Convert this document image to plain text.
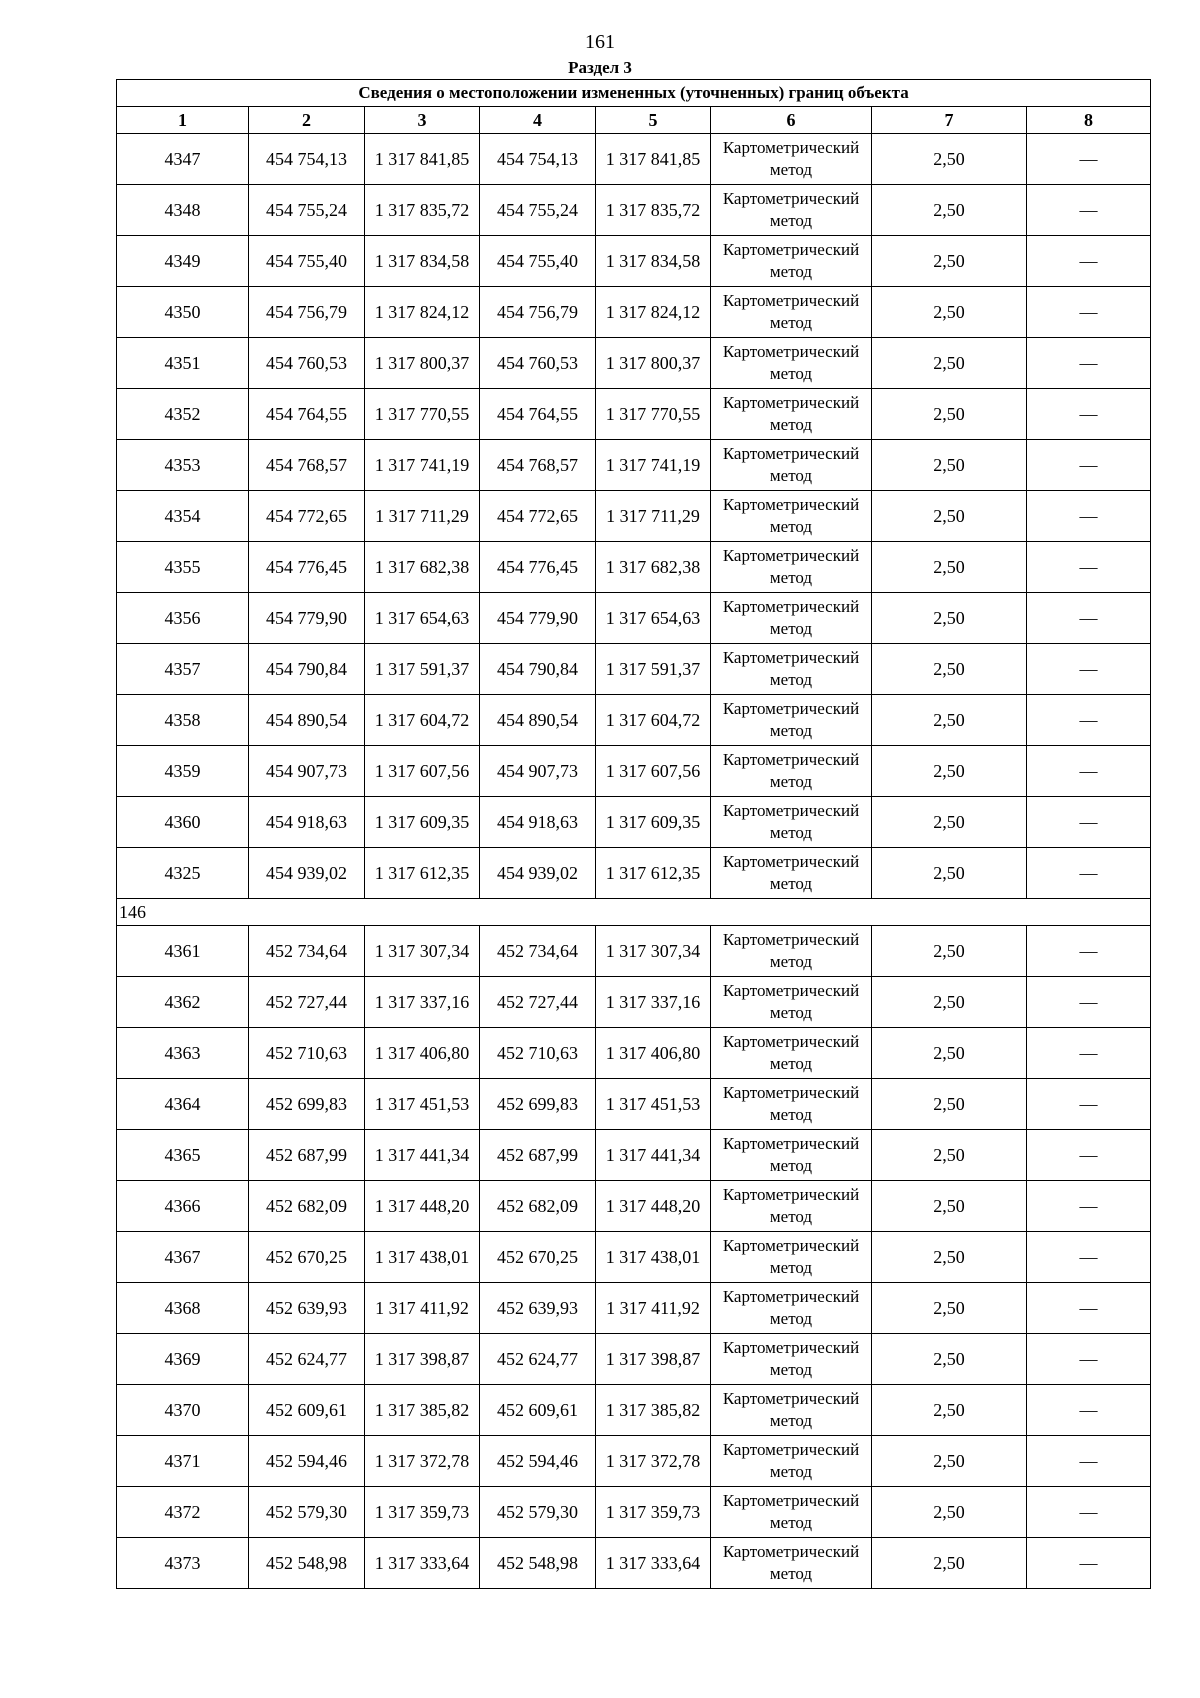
161
Раздел 3
Сведения о местоположении измененных (уточненных) границ объекта							
1	2	3	4	5	6	7	8
4347	454 754,13	1 317 841,85	454 754,13	1 317 841,85	Картометрический метод	2,50	—
4348	454 755,24	1 317 835,72	454 755,24	1 317 835,72	Картометрический метод	2,50	—
4349	454 755,40	1 317 834,58	454 755,40	1 317 834,58	Картометрический метод	2,50	—
4350	454 756,79	1 317 824,12	454 756,79	1 317 824,12	Картометрический метод	2,50	—
4351	454 760,53	1 317 800,37	454 760,53	1 317 800,37	Картометрический метод	2,50	—
4352	454 764,55	1 317 770,55	454 764,55	1 317 770,55	Картометрический метод	2,50	—
4353	454 768,57	1 317 741,19	454 768,57	1 317 741,19	Картометрический метод	2,50	—
4354	454 772,65	1 317 711,29	454 772,65	1 317 711,29	Картометрический метод	2,50	—
4355	454 776,45	1 317 682,38	454 776,45	1 317 682,38	Картометрический метод	2,50	—
4356	454 779,90	1 317 654,63	454 779,90	1 317 654,63	Картометрический метод	2,50	—
4357	454 790,84	1 317 591,37	454 790,84	1 317 591,37	Картометрический метод	2,50	—
4358	454 890,54	1 317 604,72	454 890,54	1 317 604,72	Картометрический метод	2,50	—
4359	454 907,73	1 317 607,56	454 907,73	1 317 607,56	Картометрический метод	2,50	—
4360	454 918,63	1 317 609,35	454 918,63	1 317 609,35	Картометрический метод	2,50	—
4325	454 939,02	1 317 612,35	454 939,02	1 317 612,35	Картометрический метод	2,50	—
146							
4361	452 734,64	1 317 307,34	452 734,64	1 317 307,34	Картометрический метод	2,50	—
4362	452 727,44	1 317 337,16	452 727,44	1 317 337,16	Картометрический метод	2,50	—
4363	452 710,63	1 317 406,80	452 710,63	1 317 406,80	Картометрический метод	2,50	—
4364	452 699,83	1 317 451,53	452 699,83	1 317 451,53	Картометрический метод	2,50	—
4365	452 687,99	1 317 441,34	452 687,99	1 317 441,34	Картометрический метод	2,50	—
4366	452 682,09	1 317 448,20	452 682,09	1 317 448,20	Картометрический метод	2,50	—
4367	452 670,25	1 317 438,01	452 670,25	1 317 438,01	Картометрический метод	2,50	—
4368	452 639,93	1 317 411,92	452 639,93	1 317 411,92	Картометрический метод	2,50	—
4369	452 624,77	1 317 398,87	452 624,77	1 317 398,87	Картометрический метод	2,50	—
4370	452 609,61	1 317 385,82	452 609,61	1 317 385,82	Картометрический метод	2,50	—
4371	452 594,46	1 317 372,78	452 594,46	1 317 372,78	Картометрический метод	2,50	—
4372	452 579,30	1 317 359,73	452 579,30	1 317 359,73	Картометрический метод	2,50	—
4373	452 548,98	1 317 333,64	452 548,98	1 317 333,64	Картометрический метод	2,50	—
